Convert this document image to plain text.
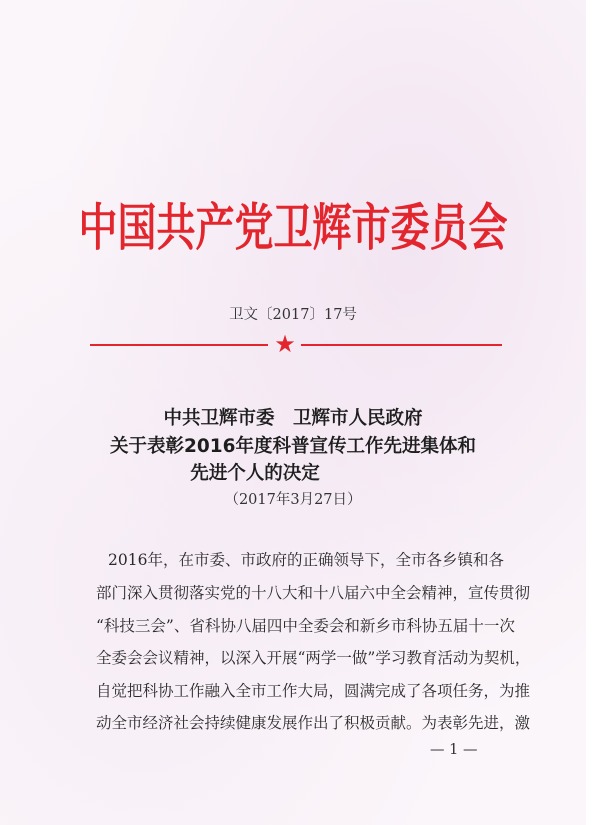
中国共产党卫辉市委员会
卫文〔2017〕17号
★
中共卫辉市委　卫辉市人民政府
关于表彰2016年度科普宣传工作先进集体和
先进个人的决定
（2017年3月27日）
2016年，在市委、市政府的正确领导下，全市各乡镇和各
部门深入贯彻落实党的十八大和十八届六中全会精神，宣传贯彻
“科技三会”、省科协八届四中全委会和新乡市科协五届十一次
全委会会议精神，以深入开展“两学一做”学习教育活动为契机，
自觉把科协工作融入全市工作大局，圆满完成了各项任务，为推
动全市经济社会持续健康发展作出了积极贡献。为表彰先进，激
— 1 —
